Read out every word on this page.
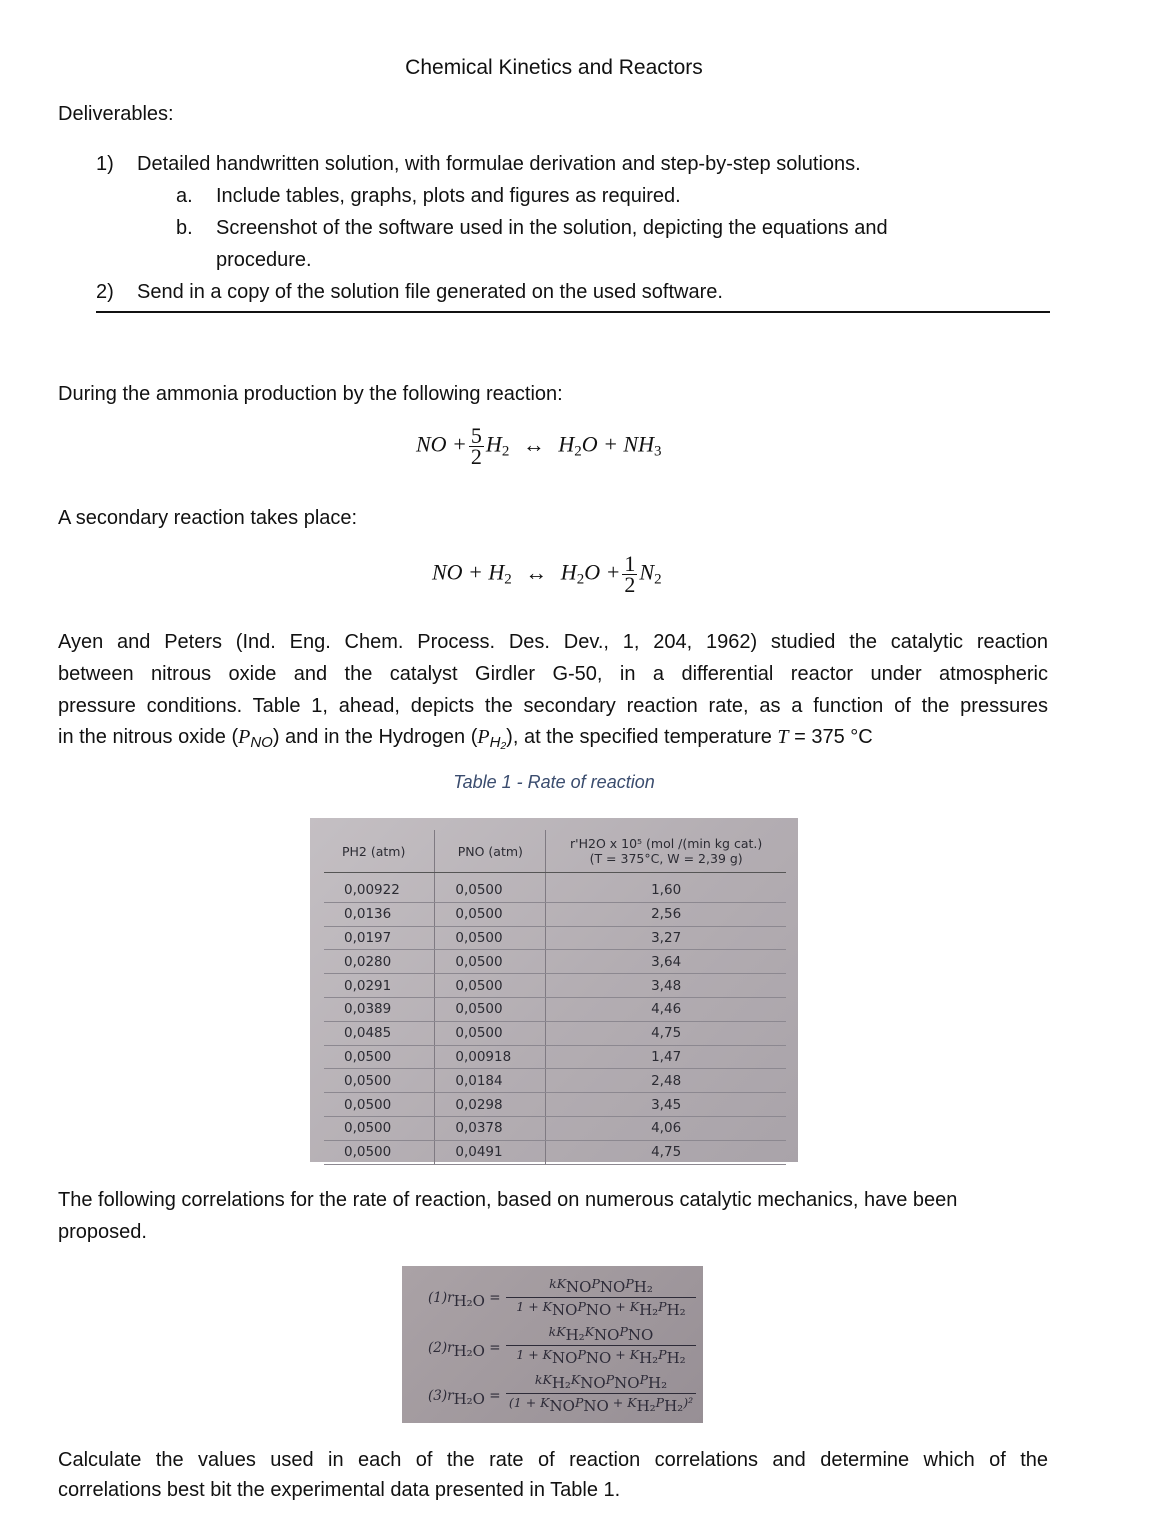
Chemical Kinetics and Reactors
Deliverables:
1) Detailed handwritten solution, with formulae derivation and step-by-step solutions.
a. Include tables, graphs, plots and figures as required.
b. Screenshot of the software used in the solution, depicting the equations and
procedure.
2) Send in a copy of the solution file generated on the used software.
During the ammonia production by the following reaction:
NO + $\frac{5}{2} H_2$ ↔ $H_2O + NH_3$
A secondary reaction takes place:
NO + $H_2$ ↔ $H_2O + \frac{1}{2} N_2$
Ayen and Peters (Ind. Eng. Chem. Process. Des. Dev., 1, 204, 1962) studied the catalytic reaction
between nitrous oxide and the catalyst Girdler G-50, in a differential reactor under atmospheric
pressure conditions. Table 1, ahead, depicts the secondary reaction rate, as a function of the pressures
in the nitrous oxide $(P_{NO})$ and in the Hydrogen $(P_{H_2})$, at the specified temperature T = 375 °C
Table 1 - Rate of reaction
PH2 (atm)	PNO (atm)	r'H2O x 10⁵ (mol /(min kg cat.)
(T = 375°C, W = 2,39 g)
0,00922	0,0500	1,60
0,0136	0,0500	2,56
0,0197	0,0500	3,27
0,0280	0,0500	3,64
0,0291	0,0500	3,48
0,0389	0,0500	4,46
0,0485	0,0500	4,75
0,0500	0,00918	1,47
0,0500	0,0184	2,48
0,0500	0,0298	3,45
0,0500	0,0378	4,06
0,0500	0,0491	4,75
The following correlations for the rate of reaction, based on numerous catalytic mechanics, have been
proposed.
(1)rH₂O =
kKNOPNOPH₂
1 + KNOPNO + KH₂PH₂
(2)rH₂O =
kKH₂KNOPNO
1 + KNOPNO + KH₂PH₂
(3)rH₂O =
kKH₂KNOPNOPH₂
(1 + KNOPNO + KH₂PH₂)²
Calculate the values used in each of the rate of reaction correlations and determine which of the
correlations best bit the experimental data presented in Table 1.
